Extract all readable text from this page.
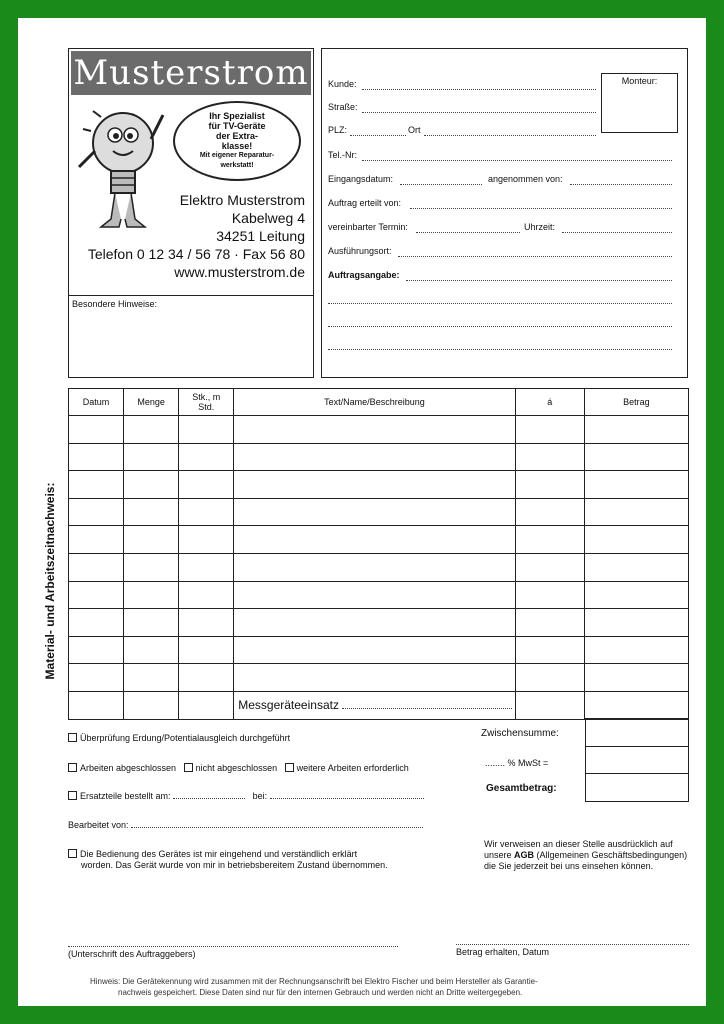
Musterstrom
Ihr Spezialist
für TV-Geräte
der Extra-
klasse!
Mit eigener Reparatur-
werkstatt!
Elektro Musterstrom
Kabelweg 4
34251 Leitung
Telefon 0 12 34 / 56 78 · Fax 56 80
www.musterstrom.de
Besondere Hinweise:
Kunde:	Monteur:
Straße:
PLZ:	Ort
Tel.-Nr:
Eingangsdatum:	angenommen von:
Auftrag erteilt von:
vereinbarter Termin:	Uhrzeit:
Ausführungsort:
Auftragsangabe:
Material- und Arbeitszeitnachweis:
Datum	Menge	Stk., m Std.	Text/Name/Beschreibung	á	Betrag

			Messgeräteeinsatz		
Überprüfung Erdung/Potentialausgleich durchgeführt
Arbeiten abgeschlossen nicht abgeschlossen weitere Arbeiten erforderlich
Ersatzteile bestellt am:	bei:
Bearbeitet von:
Die Bedienung des Gerätes ist mir eingehend und verständlich erklärt
worden. Das Gerät wurde von mir in betriebsbereitem Zustand übernommen.
Zwischensumme:
........ % MwSt =
Gesamtbetrag:
Wir verweisen an dieser Stelle ausdrücklich auf
unsere AGB (Allgemeinen Geschäftsbedingungen)
die Sie jederzeit bei uns einsehen können.
(Unterschrift des Auftraggebers)	Betrag erhalten, Datum
Hinweis: Die Gerätekennung wird zusammen mit der Rechnungsanschrift bei Elektro Fischer und beim Hersteller als Garantie-
nachweis gespeichert. Diese Daten sind nur für den internen Gebrauch und werden nicht an Dritte weitergegeben.
